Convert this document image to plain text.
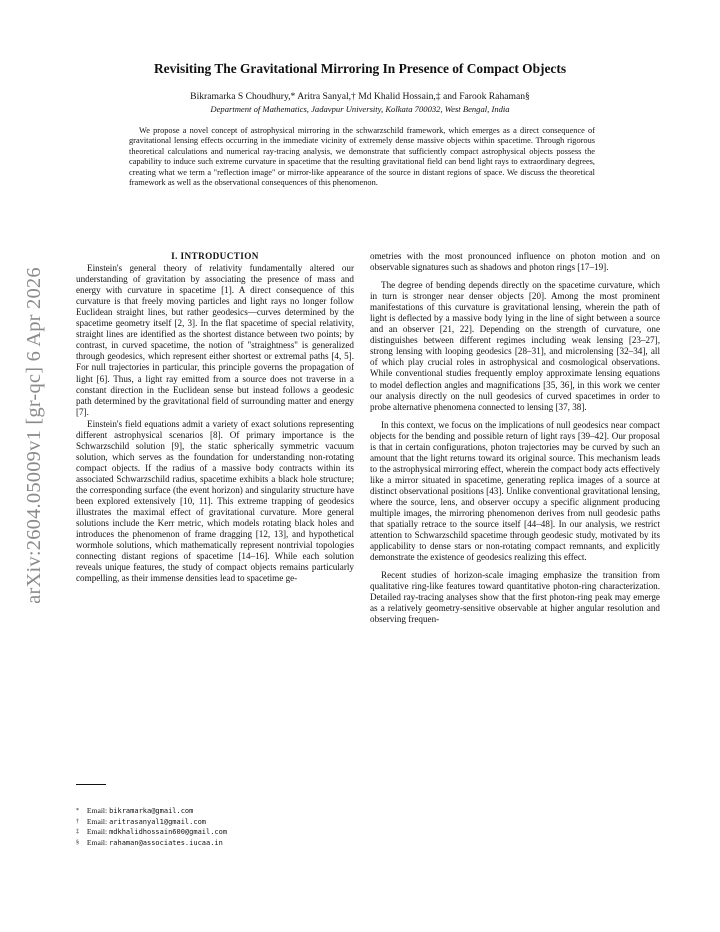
arXiv:2604.05009v1 [gr-qc] 6 Apr 2026
Revisiting The Gravitational Mirroring In Presence of Compact Objects
Bikramarka S Choudhury,* Aritra Sanyal,† Md Khalid Hossain,‡ and Farook Rahaman§
Department of Mathematics, Jadavpur University, Kolkata 700032, West Bengal, India

We propose a novel concept of astrophysical mirroring in the schwarzschild framework, which emerges as a direct consequence of gravitational lensing effects occurring in the immediate vicinity of extremely dense massive objects within spacetime. Through rigorous theoretical calculations and numerical ray-tracing analysis, we demonstrate that sufficiently compact astrophysical objects possess the capability to induce such extreme curvature in spacetime that the resulting gravitational field can bend light rays to extraordinary degrees, creating what we term a "reflection image" or mirror-like appearance of the source in distant regions of space. We discuss the theoretical framework as well as the observational consequences of this phenomenon.

I. INTRODUCTION

Einstein's general theory of relativity fundamentally altered our understanding of gravitation by associating the presence of mass and energy with curvature in spacetime [1]. A direct consequence of this curvature is that freely moving particles and light rays no longer follow Euclidean straight lines, but rather geodesics—curves determined by the spacetime geometry itself [2, 3]. In the flat spacetime of special relativity, straight lines are identified as the shortest distance between two points; by contrast, in curved spacetime, the notion of "straightness" is generalized through geodesics, which represent either shortest or extremal paths [4, 5]. For null trajectories in particular, this principle governs the propagation of light [6]. Thus, a light ray emitted from a source does not traverse in a constant direction in the Euclidean sense but instead follows a geodesic path determined by the gravitational field of surrounding matter and energy [7].

Einstein's field equations admit a variety of exact solutions representing different astrophysical scenarios [8]. Of primary importance is the Schwarzschild solution [9], the static spherically symmetric vacuum solution, which serves as the foundation for understanding non-rotating compact objects. If the radius of a massive body contracts within its associated Schwarzschild radius, spacetime exhibits a black hole structure; the corresponding surface (the event horizon) and singularity structure have been explored extensively [10, 11]. This extreme trapping of geodesics illustrates the maximal effect of gravitational curvature. More general solutions include the Kerr metric, which models rotating black holes and introduces the phenomenon of frame dragging [12, 13], and hypothetical wormhole solutions, which mathematically represent nontrivial topologies connecting distant regions of spacetime [14–16]. While each solution reveals unique features, the study of compact objects remains particularly compelling, as their immense densities lead to spacetime ge-

ometries with the most pronounced influence on photon motion and on observable signatures such as shadows and photon rings [17–19].

The degree of bending depends directly on the spacetime curvature, which in turn is stronger near denser objects [20]. Among the most prominent manifestations of this curvature is gravitational lensing, wherein the path of light is deflected by a massive body lying in the line of sight between a source and an observer [21, 22]. Depending on the strength of curvature, one distinguishes between different regimes including weak lensing [23–27], strong lensing with looping geodesics [28–31], and microlensing [32–34], all of which play crucial roles in astrophysical and cosmological observations. While conventional studies frequently employ approximate lensing equations to model deflection angles and magnifications [35, 36], in this work we center our analysis directly on the null geodesics of curved spacetimes in order to probe alternative phenomena connected to lensing [37, 38].

In this context, we focus on the implications of null geodesics near compact objects for the bending and possible return of light rays [39–42]. Our proposal is that in certain configurations, photon trajectories may be curved by such an amount that the light returns toward its original source. This mechanism leads to the astrophysical mirroring effect, wherein the compact body acts effectively like a mirror situated in spacetime, generating replica images of a source at distinct observational positions [43]. Unlike conventional gravitational lensing, where the source, lens, and observer occupy a specific alignment producing multiple images, the mirroring phenomenon derives from null geodesic paths that spatially retrace to the source itself [44–48]. In our analysis, we restrict attention to Schwarzschild spacetime through geodesic study, motivated by its applicability to dense stars or non-rotating compact remnants, and explicitly demonstrate the existence of geodesics realizing this effect.

Recent studies of horizon-scale imaging emphasize the transition from qualitative ring-like features toward quantitative photon-ring characterization. Detailed ray-tracing analyses show that the first photon-ring peak may emerge as a relatively geometry-sensitive observable at higher angular resolution and observing frequen-

* Email: bikramarka@gmail.com
† Email: aritrasanyal1@gmail.com
‡ Email: mdkhalidhossain600@gmail.com
§ Email: rahaman@associates.iucaa.in
